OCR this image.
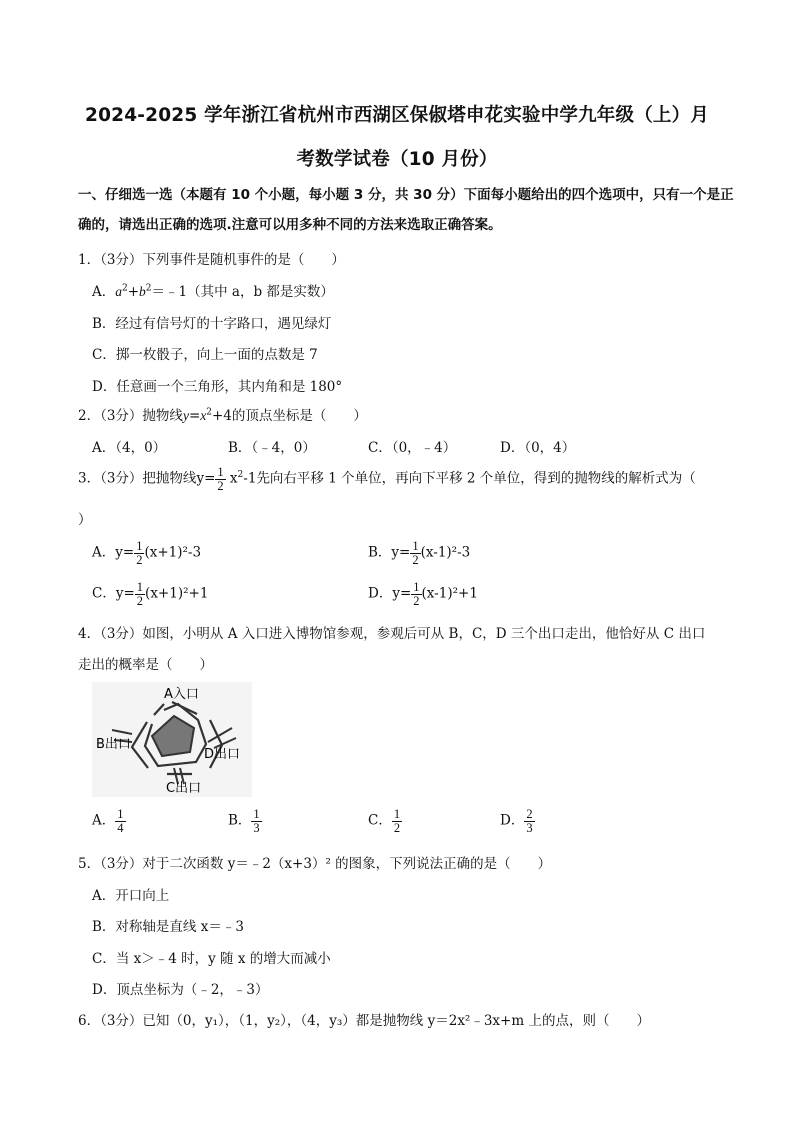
2024-2025 学年浙江省杭州市西湖区保俶塔申花实验中学九年级（上）月
考数学试卷（10 月份）
一、仔细选一选（本题有 10 个小题，每小题 3 分，共 30 分）下面每小题给出的四个选项中，只有一个是正确的，请选出正确的选项.注意可以用多种不同的方法来选取正确答案。
1．（3分）下列事件是随机事件的是（　　）
A．$a^2+b^2=﹣1$（其中 a，b 都是实数）
B．经过有信号灯的十字路口，遇见绿灯
C．掷一枚骰子，向上一面的点数是 7
D．任意画一个三角形，其内角和是 180°
2．（3分）抛物线$y=x^2+4$的顶点坐标是（　　）
A．（4，0）	B．（﹣4，0）	C．（0，﹣4）	D．（0，4）
3．（3分）把抛物线$y= \frac{1}{2} x^2-1$先向右平移 1 个单位，再向下平移 2 个单位，得到的抛物线的解析式为（
）
A．$y= \frac{1}{2} (x+1)^2-3$	B．$y= \frac{1}{2} (x-1)^2-3$
C．$y= \frac{1}{2} (x+1)^2+1$	D．$y= \frac{1}{2} (x-1)^2+1$
4．（3分）如图，小明从 A 入口进入博物馆参观，参观后可从 B，C，D 三个出口走出，他恰好从 C 出口
走出的概率是（　　）
A入口
B出口
D出口
C出口
A． $\frac{1}{4}$	B． $\frac{1}{3}$	C． $\frac{1}{2}$	D． $\frac{2}{3}$
5．（3分）对于二次函数 y＝﹣2（x+3）² 的图象，下列说法正确的是（　　）
A．开口向上
B．对称轴是直线 x＝﹣3
C．当 x＞﹣4 时，y 随 x 的增大而减小
D．顶点坐标为（﹣2，﹣3）
6．（3分）已知（0，y₁），（1，y₂），（4，y₃）都是抛物线 y＝2x²﹣3x+m 上的点，则（　　）
